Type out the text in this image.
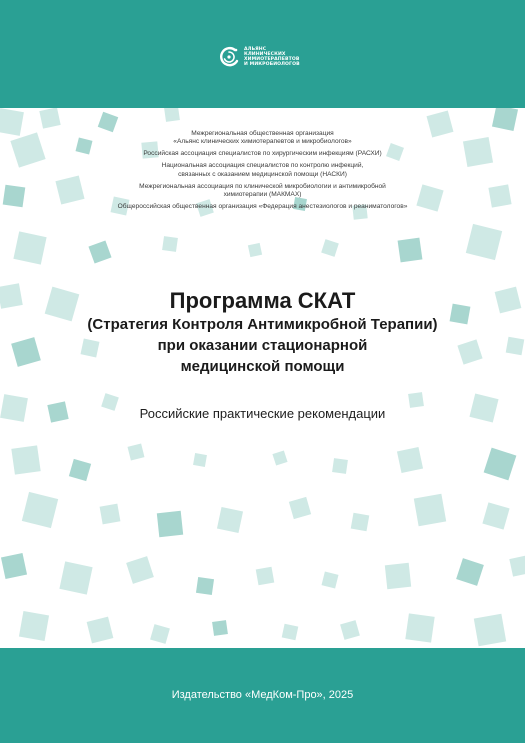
АЛЬЯНС
КЛИНИЧЕСКИХ
ХИМИОТЕРАПЕВТОВ
И МИКРОБИОЛОГОВ
Межрегиональная общественная организация
«Альянс клинических химиотерапевтов и микробиологов»
Российская ассоциация специалистов по хирургическим инфекциям (РАСХИ)
Национальная ассоциация специалистов по контролю инфекций,
связанных с оказанием медицинской помощи (НАСКИ)
Межрегиональная ассоциация по клинической микробиологии и антимикробной
химиотерапии (МАКМАХ)
Общероссийская общественная организация «Федерация анестезиологов и реаниматологов»
Программа СКАТ
(Стратегия Контроля Антимикробной Терапии)
при оказании стационарной
медицинской помощи
Российские практические рекомендации
Издательство «МедКом-Про», 2025
